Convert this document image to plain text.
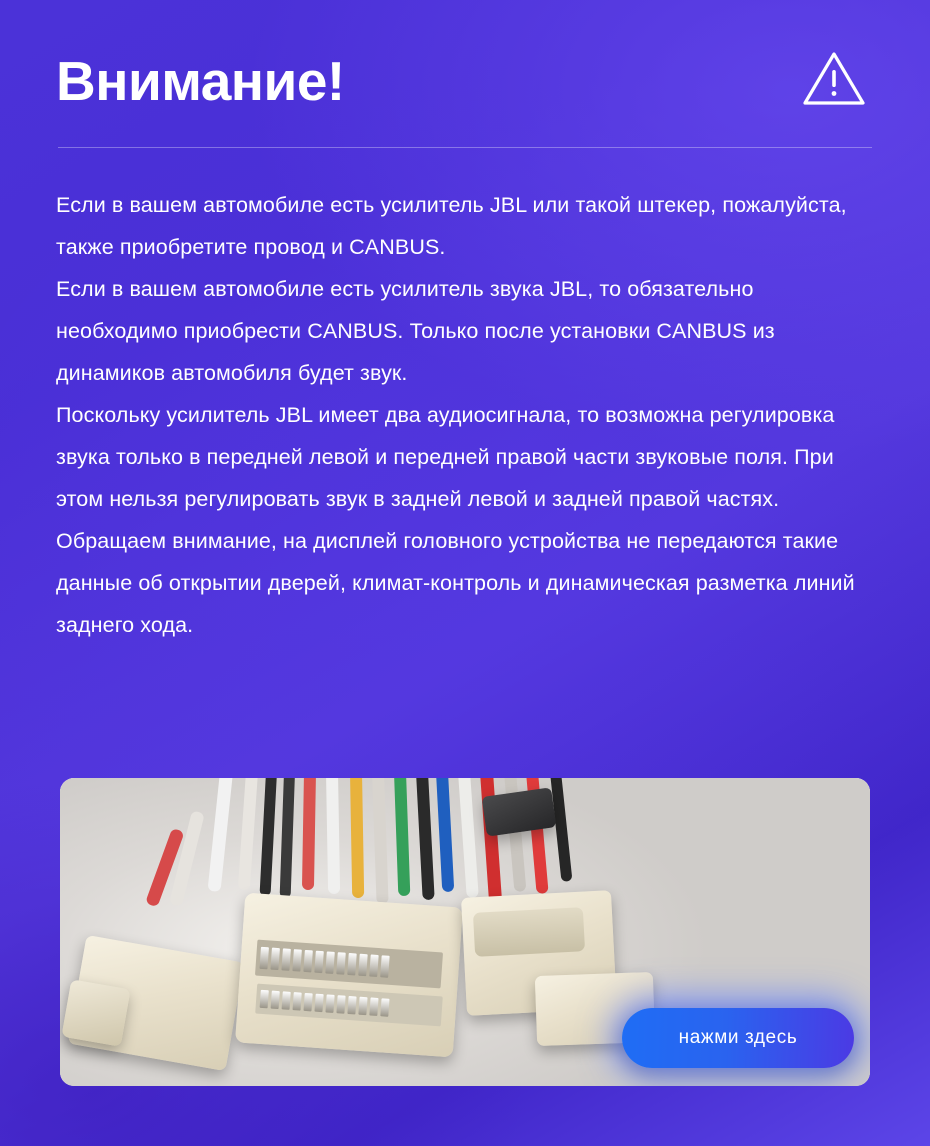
Внимание!

Если в вашем автомобиле есть усилитель JBL или такой штекер, пожалуйста, также приобретите провод и CANBUS.

Если в вашем автомобиле есть усилитель звука JBL, то обязательно необходимо приобрести CANBUS. Только после установки CANBUS из динамиков автомобиля будет звук.

Поскольку усилитель JBL имеет два аудиосигнала, то возможна регулировка звука только в передней левой и передней правой части звуковые поля. При этом нельзя регулировать звук в задней левой и задней правой частях.

Обращаем внимание, на дисплей головного устройства не передаются такие данные об открытии дверей, климат-контроль и динамическая разметка линий заднего хода.

нажми здесь
